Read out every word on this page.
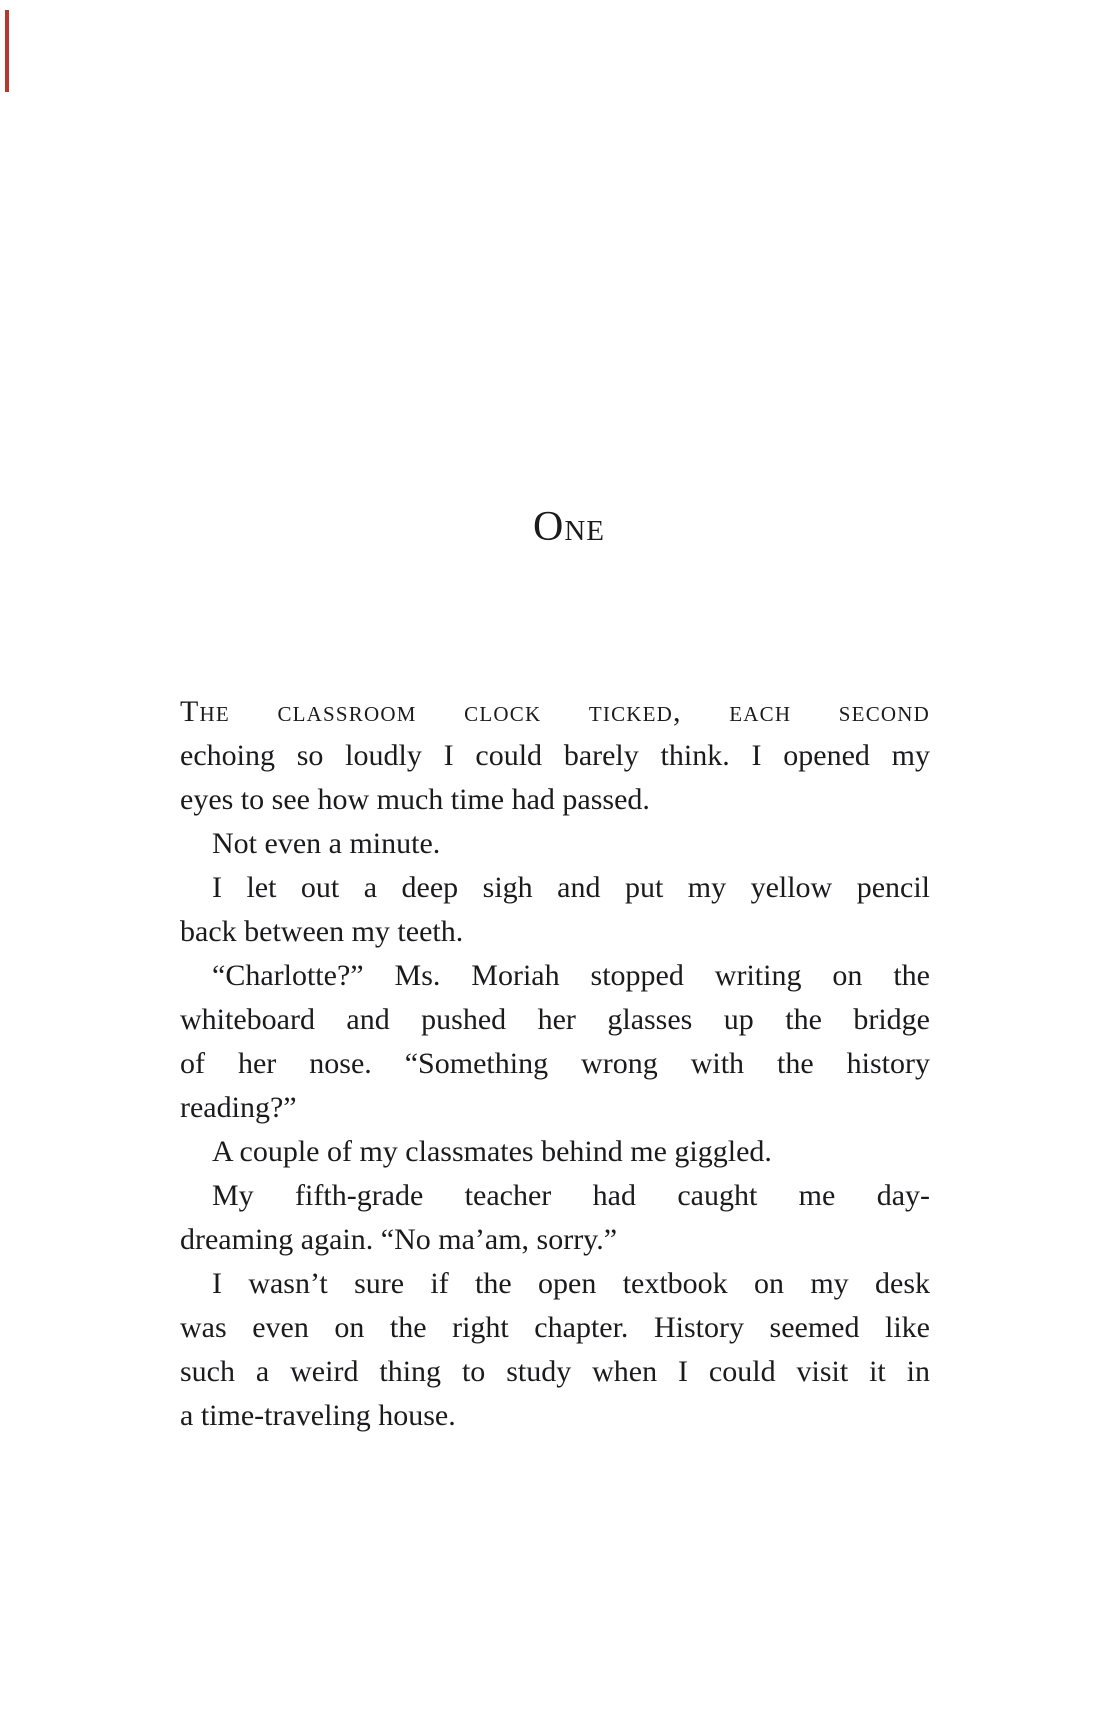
One
The classroom clock ticked, each second
echoing so loudly I could barely think. I opened my
eyes to see how much time had passed.
Not even a minute.
I let out a deep sigh and put my yellow pencil
back between my teeth.
“Charlotte?” Ms. Moriah stopped writing on the
whiteboard and pushed her glasses up the bridge
of her nose. “Something wrong with the history
reading?”
A couple of my classmates behind me giggled.
My fifth-grade teacher had caught me day-
dreaming again. “No ma’am, sorry.”
I wasn’t sure if the open textbook on my desk
was even on the right chapter. History seemed like
such a weird thing to study when I could visit it in
a time-traveling house.
